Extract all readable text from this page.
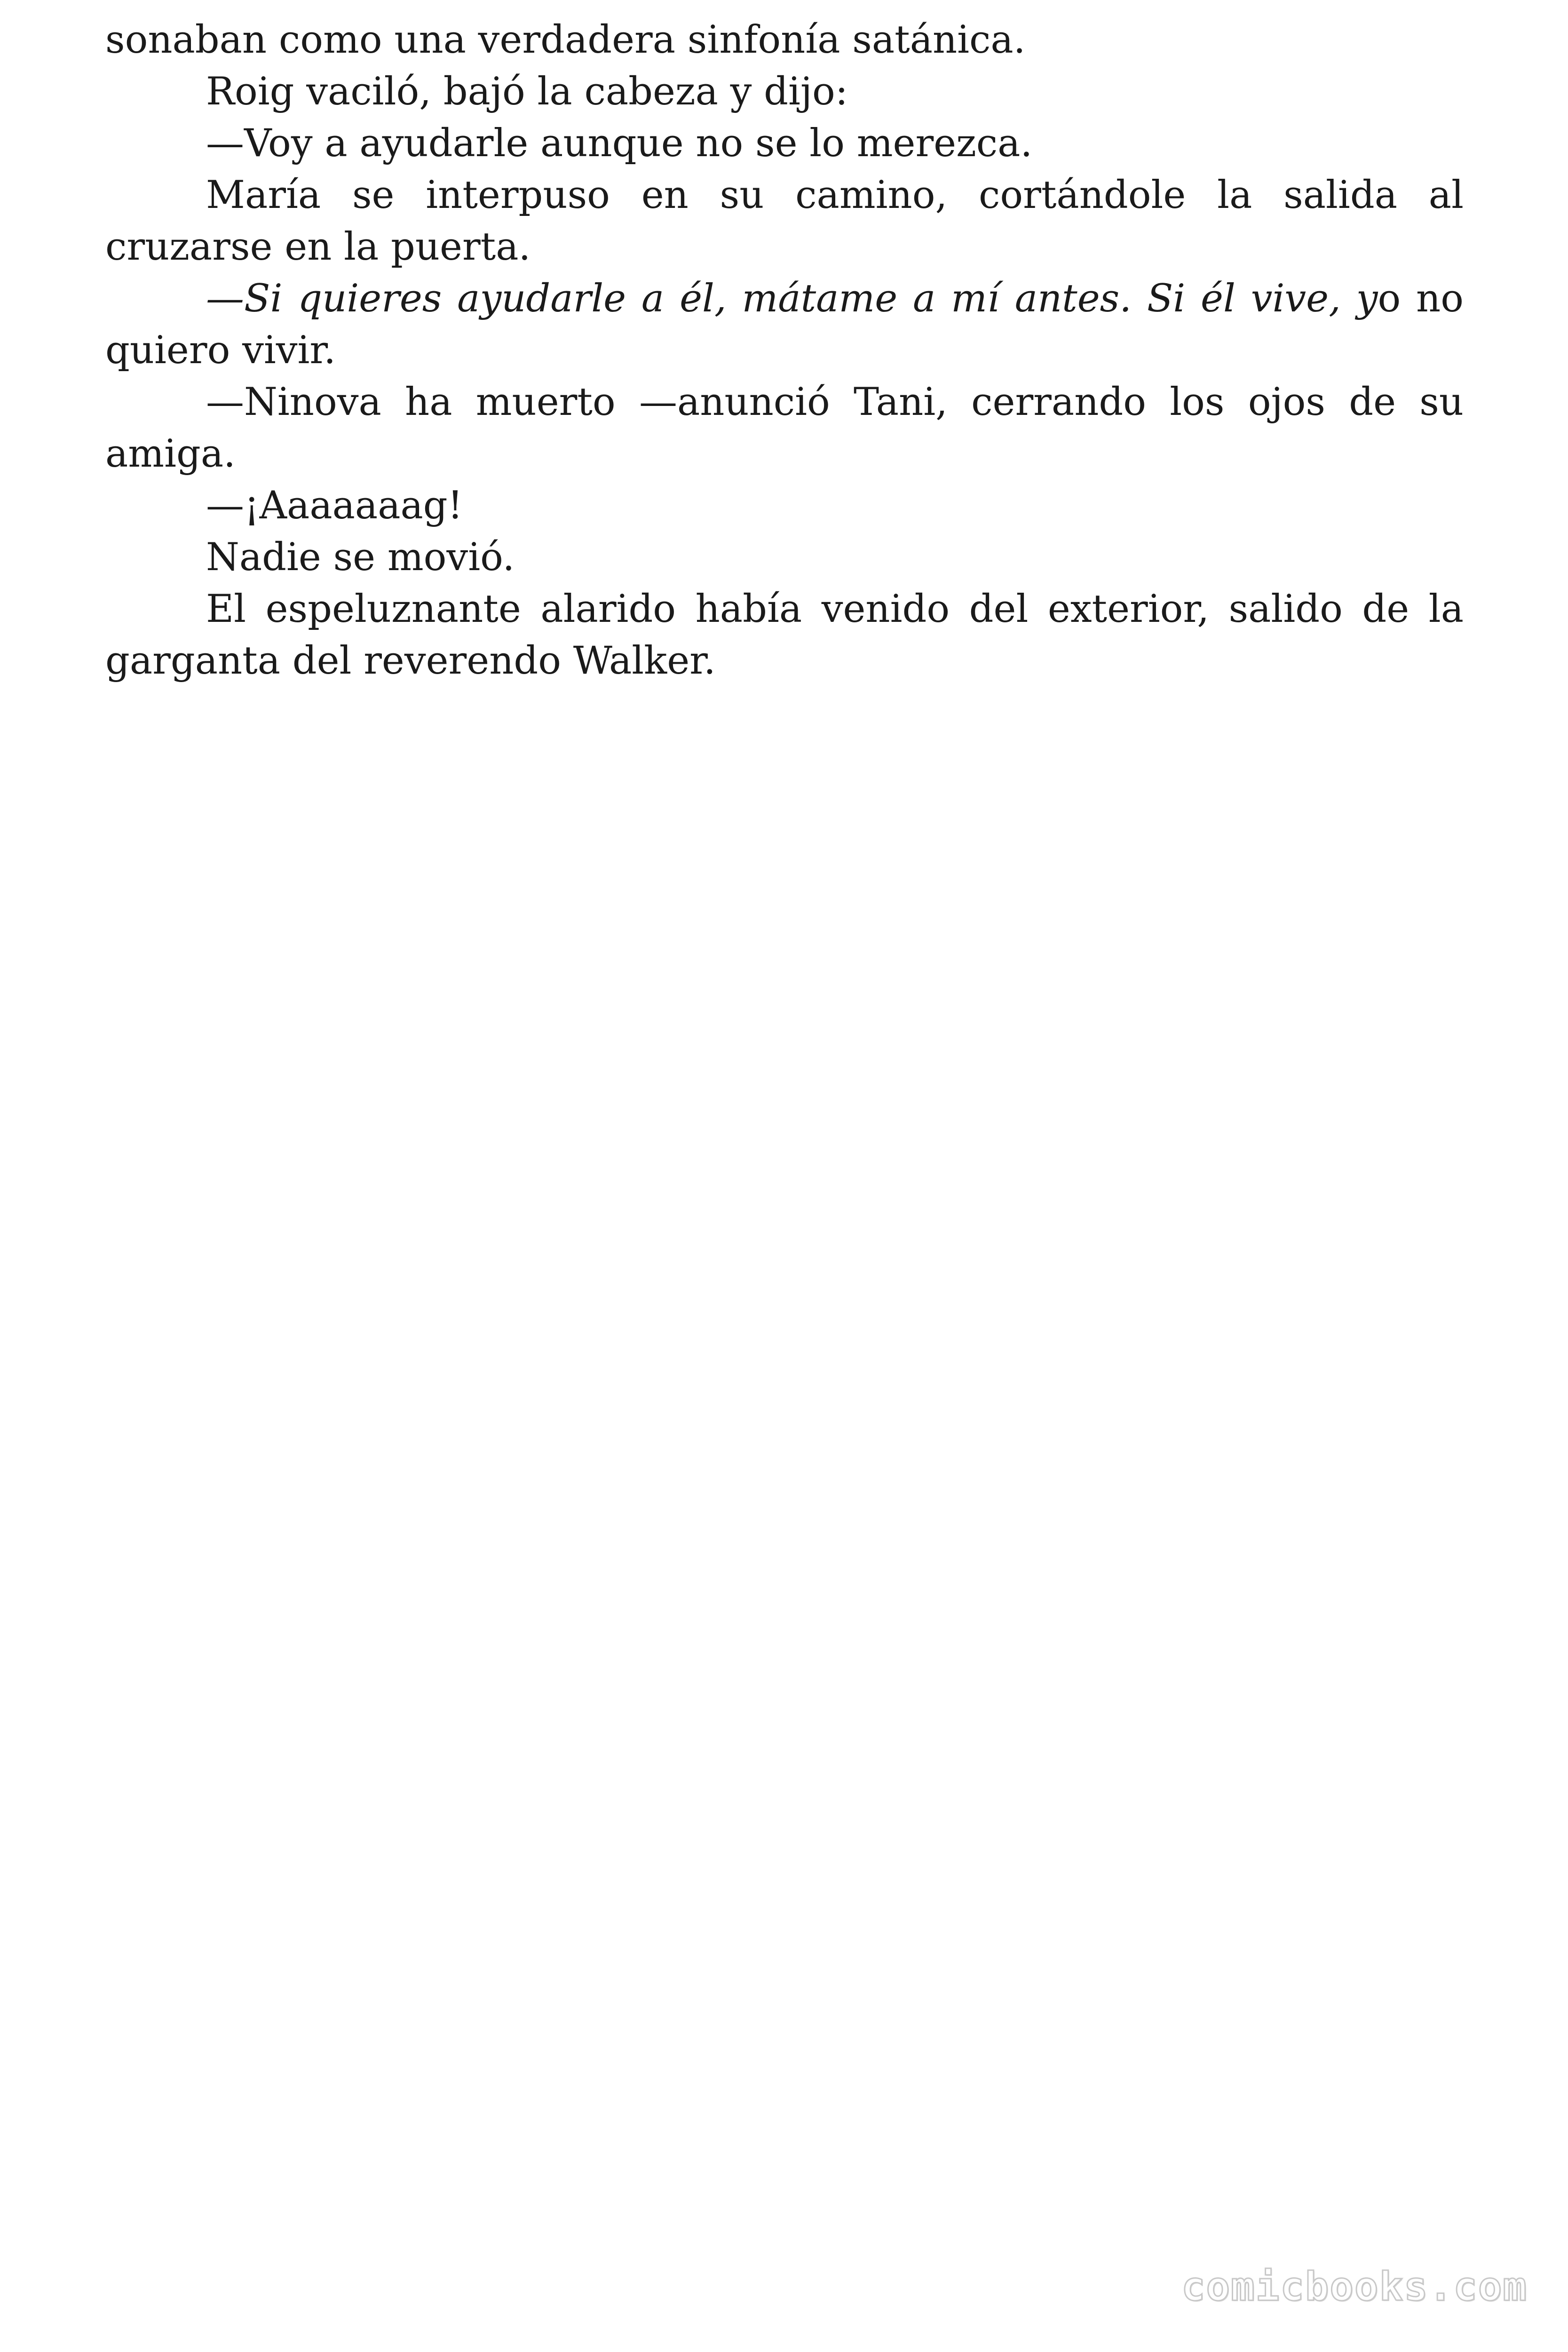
sonaban como una verdadera sinfonía satánica.

Roig vaciló, bajó la cabeza y dijo:

—Voy a ayudarle aunque no se lo merezca.

María se interpuso en su camino, cortándole la salida al cruzarse en la puerta.

—Si quieres ayudarle a él, mátame a mí antes. Si él vive, yo no quiero vivir.

—Ninova ha muerto —anunció Tani, cerrando los ojos de su amiga.

—¡Aaaaaaag!

Nadie se movió.

El espeluznante alarido había venido del exterior, salido de la garganta del reverendo Walker.

comicbooks.com
